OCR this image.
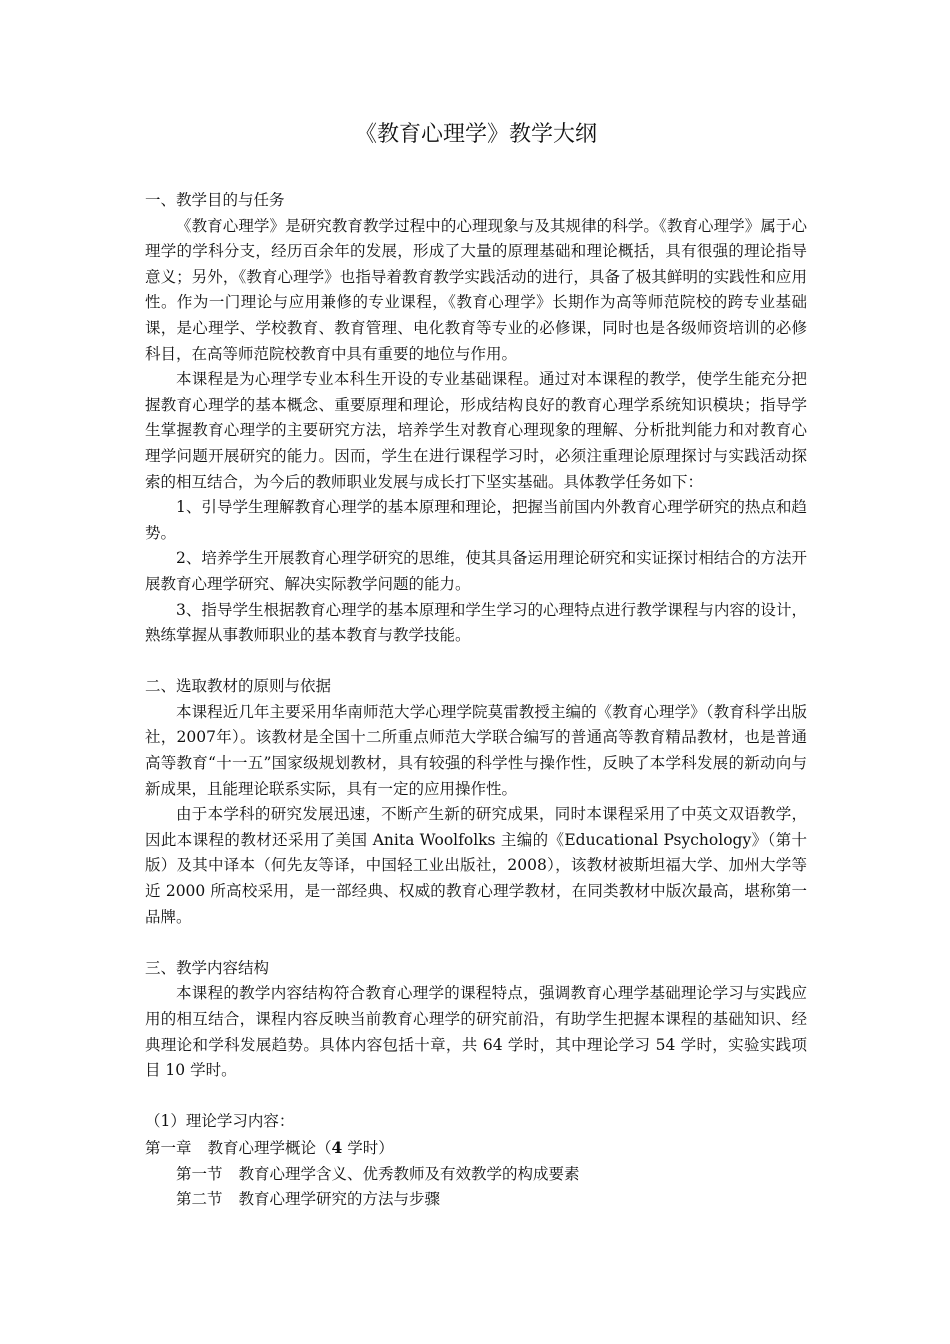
《教育心理学》教学大纲

一、教学目的与任务

《教育心理学》是研究教育教学过程中的心理现象与及其规律的科学。《教育心理学》属于心理学的学科分支，经历百余年的发展，形成了大量的原理基础和理论概括，具有很强的理论指导意义；另外，《教育心理学》也指导着教育教学实践活动的进行，具备了极其鲜明的实践性和应用性。作为一门理论与应用兼修的专业课程，《教育心理学》长期作为高等师范院校的跨专业基础课，是心理学、学校教育、教育管理、电化教育等专业的必修课，同时也是各级师资培训的必修科目，在高等师范院校教育中具有重要的地位与作用。

本课程是为心理学专业本科生开设的专业基础课程。通过对本课程的教学，使学生能充分把握教育心理学的基本概念、重要原理和理论，形成结构良好的教育心理学系统知识模块；指导学生掌握教育心理学的主要研究方法，培养学生对教育心理现象的理解、分析批判能力和对教育心理学问题开展研究的能力。因而，学生在进行课程学习时，必须注重理论原理探讨与实践活动探索的相互结合，为今后的教师职业发展与成长打下坚实基础。具体教学任务如下：

1、引导学生理解教育心理学的基本原理和理论，把握当前国内外教育心理学研究的热点和趋势。

2、培养学生开展教育心理学研究的思维，使其具备运用理论研究和实证探讨相结合的方法开展教育心理学研究、解决实际教学问题的能力。

3、指导学生根据教育心理学的基本原理和学生学习的心理特点进行教学课程与内容的设计，熟练掌握从事教师职业的基本教育与教学技能。

二、选取教材的原则与依据

本课程近几年主要采用华南师范大学心理学院莫雷教授主编的《教育心理学》（教育科学出版社，2007年）。该教材是全国十二所重点师范大学联合编写的普通高等教育精品教材，也是普通高等教育“十一五”国家级规划教材，具有较强的科学性与操作性，反映了本学科发展的新动向与新成果，且能理论联系实际，具有一定的应用操作性。

由于本学科的研究发展迅速，不断产生新的研究成果，同时本课程采用了中英文双语教学，因此本课程的教材还采用了美国 Anita Woolfolks 主编的《Educational Psychology》（第十版）及其中译本（何先友等译，中国轻工业出版社，2008），该教材被斯坦福大学、加州大学等近 2000 所高校采用，是一部经典、权威的教育心理学教材，在同类教材中版次最高，堪称第一品牌。

三、教学内容结构

本课程的教学内容结构符合教育心理学的课程特点，强调教育心理学基础理论学习与实践应用的相互结合，课程内容反映当前教育心理学的研究前沿，有助学生把握本课程的基础知识、经典理论和学科发展趋势。具体内容包括十章，共 64 学时，其中理论学习 54 学时，实验实践项目 10 学时。

（1）理论学习内容：

第一章 教育心理学概论（4 学时）

第一节 教育心理学含义、优秀教师及有效教学的构成要素

第二节 教育心理学研究的方法与步骤
